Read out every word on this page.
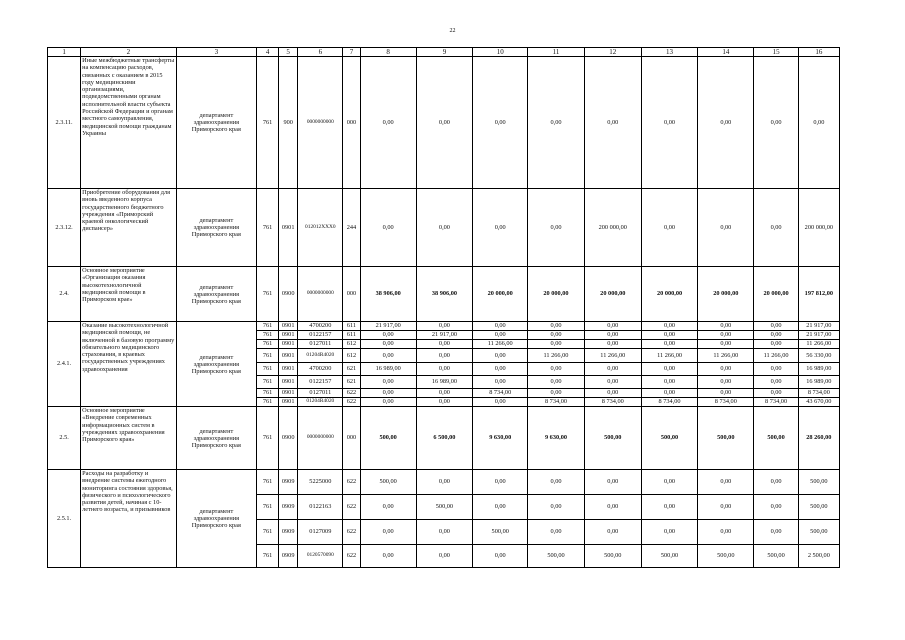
22
1	2	3	4	5	6	7	8	9	10	11	12	13	14	15	16
2.3.11.	Иные межбюджетные трансферты на компенсацию расходов, связанных с оказанием в 2015 году медицинскими организациями, подведомственными органам исполнительной власти субъекта Российской Федерации и органам местного самоуправления, медицинской помощи гражданам Украины	департамент здравоохранения Приморского края	761	900	0000000000	000	0,00	0,00	0,00	0,00	0,00	0,00	0,00	0,00	0,00
2.3.12.	Приобретение оборудования для вновь введенного корпуса государственного бюджетного учреждения «Приморский краевой онкологический диспансер»	департамент здравоохранения Приморского края	761	0901	012012XXX0	244	0,00	0,00	0,00	0,00	200 000,00	0,00	0,00	0,00	200 000,00
2.4.	Основное мероприятие «Организация оказания высокотехнологичной медицинской помощи в Приморском крае»	департамент здравоохранения Приморского края	761	0900	0000000000	000	38 906,00	38 906,00	20 000,00	20 000,00	20 000,00	20 000,00	20 000,00	20 000,00	197 812,00
2.4.1.	Оказание высокотехнологичной медицинской помощи, не включенной в базовую программу обязательного медицинского страхования, в краевых государственных учреждениях здравоохранения	департамент здравоохранения Приморского края	761	0901	4700200	611	21 917,00	0,00	0,00	0,00	0,00	0,00	0,00	0,00	21 917,00
			761	0901	0122157	611	0,00	21 917,00	0,00	0,00	0,00	0,00	0,00	0,00	21 917,00
			761	0901	0127011	612	0,00	0,00	11 266,00	0,00	0,00	0,00	0,00	0,00	11 266,00
			761	0901	01204R4020	612	0,00	0,00	0,00	11 266,00	11 266,00	11 266,00	11 266,00	11 266,00	56 330,00
			761	0901	4700200	621	16 989,00	0,00	0,00	0,00	0,00	0,00	0,00	0,00	16 989,00
			761	0901	0122157	621	0,00	16 989,00	0,00	0,00	0,00	0,00	0,00	0,00	16 989,00
			761	0901	0127011	622	0,00	0,00	8 734,00	0,00	0,00	0,00	0,00	0,00	8 734,00
			761	0901	01204R4020	622	0,00	0,00	0,00	8 734,00	8 734,00	8 734,00	8 734,00	8 734,00	43 670,00
2.5.	Основное мероприятие «Внедрение современных информационных систем в учреждениях здравоохранения Приморского края»	департамент здравоохранения Приморского края	761	0900	0000000000	000	500,00	6 500,00	9 630,00	9 630,00	500,00	500,00	500,00	500,00	28 260,00
2.5.1.	Расходы на разработку и внедрение системы ежегодного мониторинга состояния здоровья, физического и психологического развития детей, начиная с 10-летнего возраста, и призывников	департамент здравоохранения Приморского края	761	0909	5225000	622	500,00	0,00	0,00	0,00	0,00	0,00	0,00	0,00	500,00
			761	0909	0122163	622	0,00	500,00	0,00	0,00	0,00	0,00	0,00	0,00	500,00
			761	0909	0127009	622	0,00	0,00	500,00	0,00	0,00	0,00	0,00	0,00	500,00
			761	0909	0120570090	622	0,00	0,00	0,00	500,00	500,00	500,00	500,00	500,00	2 500,00
